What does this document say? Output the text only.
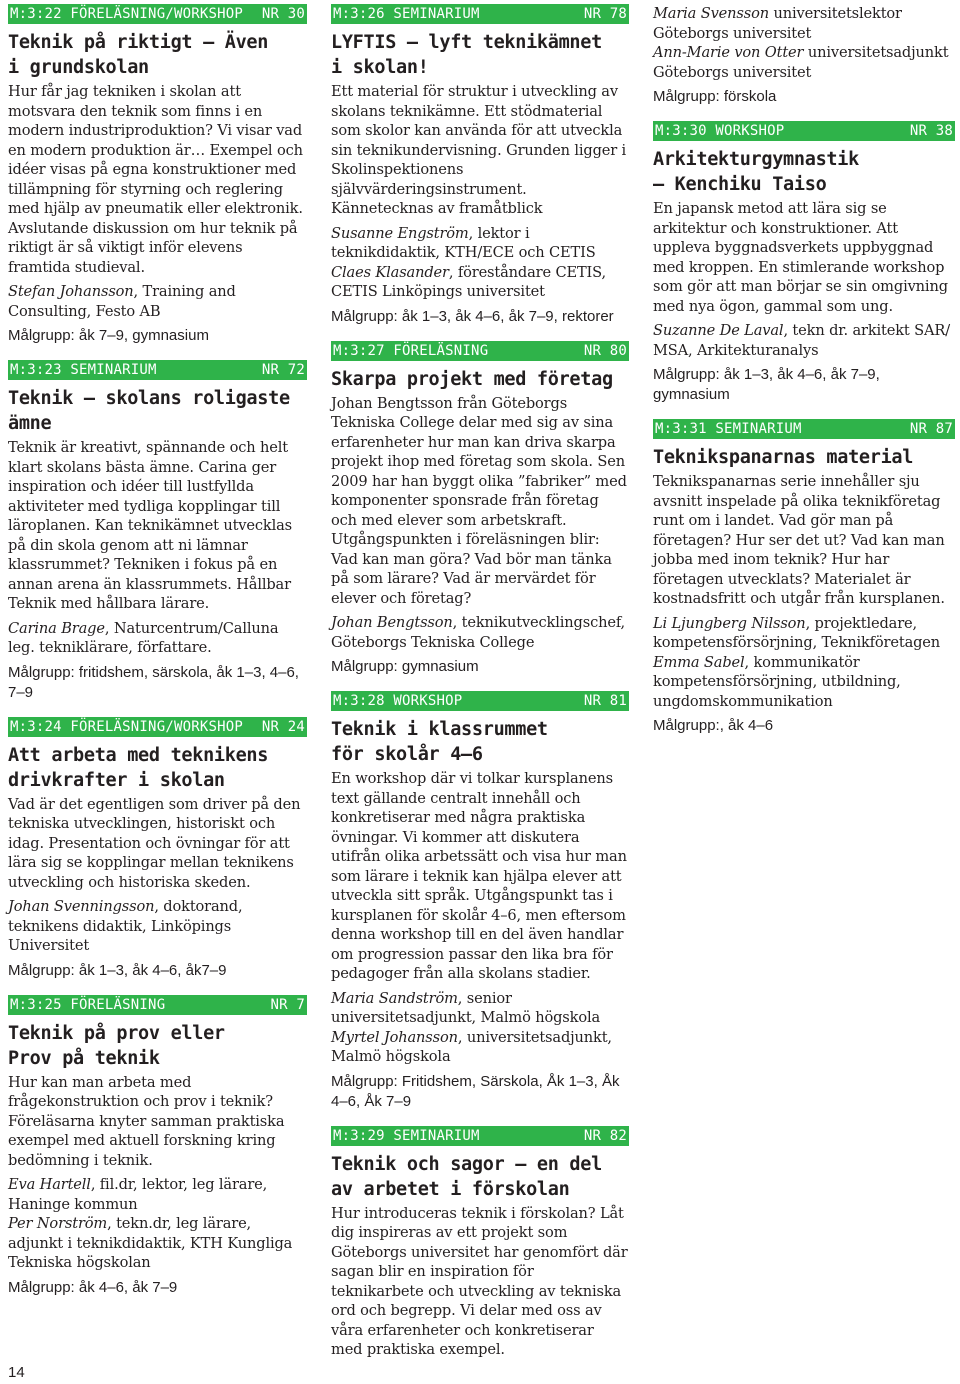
M:3:22 FÖRELÄSNING/WORKSHOP NR 30
Teknik på riktigt – Även
i grundskolan
Hur får jag tekniken i skolan att motsvara den teknik som finns i en modern industriproduktion? Vi visar vad en modern produktion är… Exempel och idéer visas på egna konstruktioner med tillämpning för styrning och reglering med hjälp av pneumatik eller elektronik. Avslutande diskussion om hur teknik på riktigt är så viktigt inför elevens framtida studieval.
Stefan Johansson, Training and Consulting, Festo AB
Målgrupp: åk 7–9, gymnasium
M:3:23 SEMINARIUM	NR 72
Teknik – skolans roligaste ämne
Teknik är kreativt, spännande och helt klart skolans bästa ämne. Carina ger inspiration och idéer till lustfyllda aktiviteter med tydliga kopplingar till läroplanen. Kan teknikämnet utvecklas på din skola genom att ni lämnar klassrummet? Tekniken i fokus på en annan arena än klassrummets. Hållbar Teknik med hållbara lärare.
Carina Brage, Naturcentrum/Calluna leg. tekniklärare, författare.
Målgrupp: fritidshem, särskola, åk 1–3, 4–6, 7–9
M:3:24 FÖRELÄSNING/WORKSHOP NR 24
Att arbeta med teknikens
drivkrafter i skolan
Vad är det egentligen som driver på den tekniska utvecklingen, historiskt och idag. Presentation och övningar för att lära sig se kopplingar mellan teknikens utveckling och historiska skeden.
Johan Svenningsson, doktorand, teknikens didaktik, Linköpings Universitet
Målgrupp: åk 1–3, åk 4–6, åk7–9
M:3:25 FÖRELÄSNING	NR 7
Teknik på prov eller
Prov på teknik
Hur kan man arbeta med frågekonstruktion och prov i teknik? Föreläsarna knyter samman praktiska exempel med aktuell forskning kring bedömning i teknik.
Eva Hartell, fil.dr, lektor, leg lärare, Haninge kommun
Per Norström, tekn.dr, leg lärare, adjunkt i teknikdidaktik, KTH Kungliga Tekniska högskolan
Målgrupp: åk 4–6, åk 7–9
M:3:26 SEMINARIUM	NR 78
LYFTIS – lyft teknikämnet
i skolan!
Ett material för struktur i utveckling av skolans teknikämne. Ett stödmaterial som skolor kan använda för att utveckla sin teknikundervisning. Grunden ligger i Skolinspektionens självvärderingsinstrument. Kännetecknas av framåtblick
Susanne Engström, lektor i teknikdidaktik, KTH/ECE och CETIS
Claes Klasander, föreståndare CETIS, CETIS Linköpings universitet
Målgrupp: åk 1–3, åk 4–6, åk 7–9, rektorer
M:3:27 FÖRELÄSNING	NR 80
Skarpa projekt med företag
Johan Bengtsson från Göteborgs Tekniska College delar med sig av sina erfarenheter hur man kan driva skarpa projekt ihop med företag som skola. Sen 2009 har han byggt olika ”fabriker” med komponenter sponsrade från företag och med elever som arbetskraft. Utgångspunkten i föreläsningen blir: Vad kan man göra? Vad bör man tänka på som lärare? Vad är mervärdet för elever och företag?
Johan Bengtsson, teknikutvecklingschef, Göteborgs Tekniska College
Målgrupp: gymnasium
M:3:28 WORKSHOP	NR 81
Teknik i klassrummet
för skolår 4–6
En workshop där vi tolkar kursplanens text gällande centralt innehåll och konkretiserar med några praktiska övningar. Vi kommer att diskutera utifrån olika arbetssätt och visa hur man som lärare i teknik kan hjälpa elever att utveckla sitt språk. Utgångspunkt tas i kursplanen för skolår 4–6, men eftersom denna workshop till en del även handlar om progression passar den lika bra för pedagoger från alla skolans stadier.
Maria Sandström, senior universitetsadjunkt, Malmö högskola
Myrtel Johansson, universitetsadjunkt, Malmö högskola
Målgrupp: Fritidshem, Särskola, Åk 1–3, Åk 4–6, Åk 7–9
M:3:29 SEMINARIUM	NR 82
Teknik och sagor – en del
av arbetet i förskolan
Hur introduceras teknik i förskolan? Låt dig inspireras av ett projekt som Göteborgs universitet har genomfört där sagan blir en inspiration för teknikarbete och utveckling av tekniska ord och begrepp. Vi delar med oss av våra erfarenheter och konkretiserar med praktiska exempel.
Maria Svensson universitetslektor
Göteborgs universitet
Ann-Marie von Otter universitetsadjunkt
Göteborgs universitet
Målgrupp: förskola
M:3:30 WORKSHOP	NR 38
Arkitekturgymnastik
– Kenchiku Taiso
En japansk metod att lära sig se arkitektur och konstruktioner. Att uppleva byggnadsverkets uppbyggnad med kroppen. En stimlerande workshop som gör att man börjar se sin omgivning med nya ögon, gammal som ung.
Suzanne De Laval, tekn dr. arkitekt SAR/ MSA, Arkitekturanalys
Målgrupp: åk 1–3, åk 4–6, åk 7–9, gymnasium
M:3:31 SEMINARIUM	NR 87
Teknikspanarnas material
Teknikspanarnas serie innehåller sju avsnitt inspelade på olika teknikföretag runt om i landet. Vad gör man på företagen? Hur ser det ut? Vad kan man jobba med inom teknik? Hur har företagen utvecklats? Materialet är kostnadsfritt och utgår från kursplanen.
Li Ljungberg Nilsson, projektledare, kompetensförsörjning, Teknikföretagen
Emma Sabel, kommunikatör kompetensförsörjning, utbildning, ungdomskommunikation
Målgrupp:, åk 4–6
14
